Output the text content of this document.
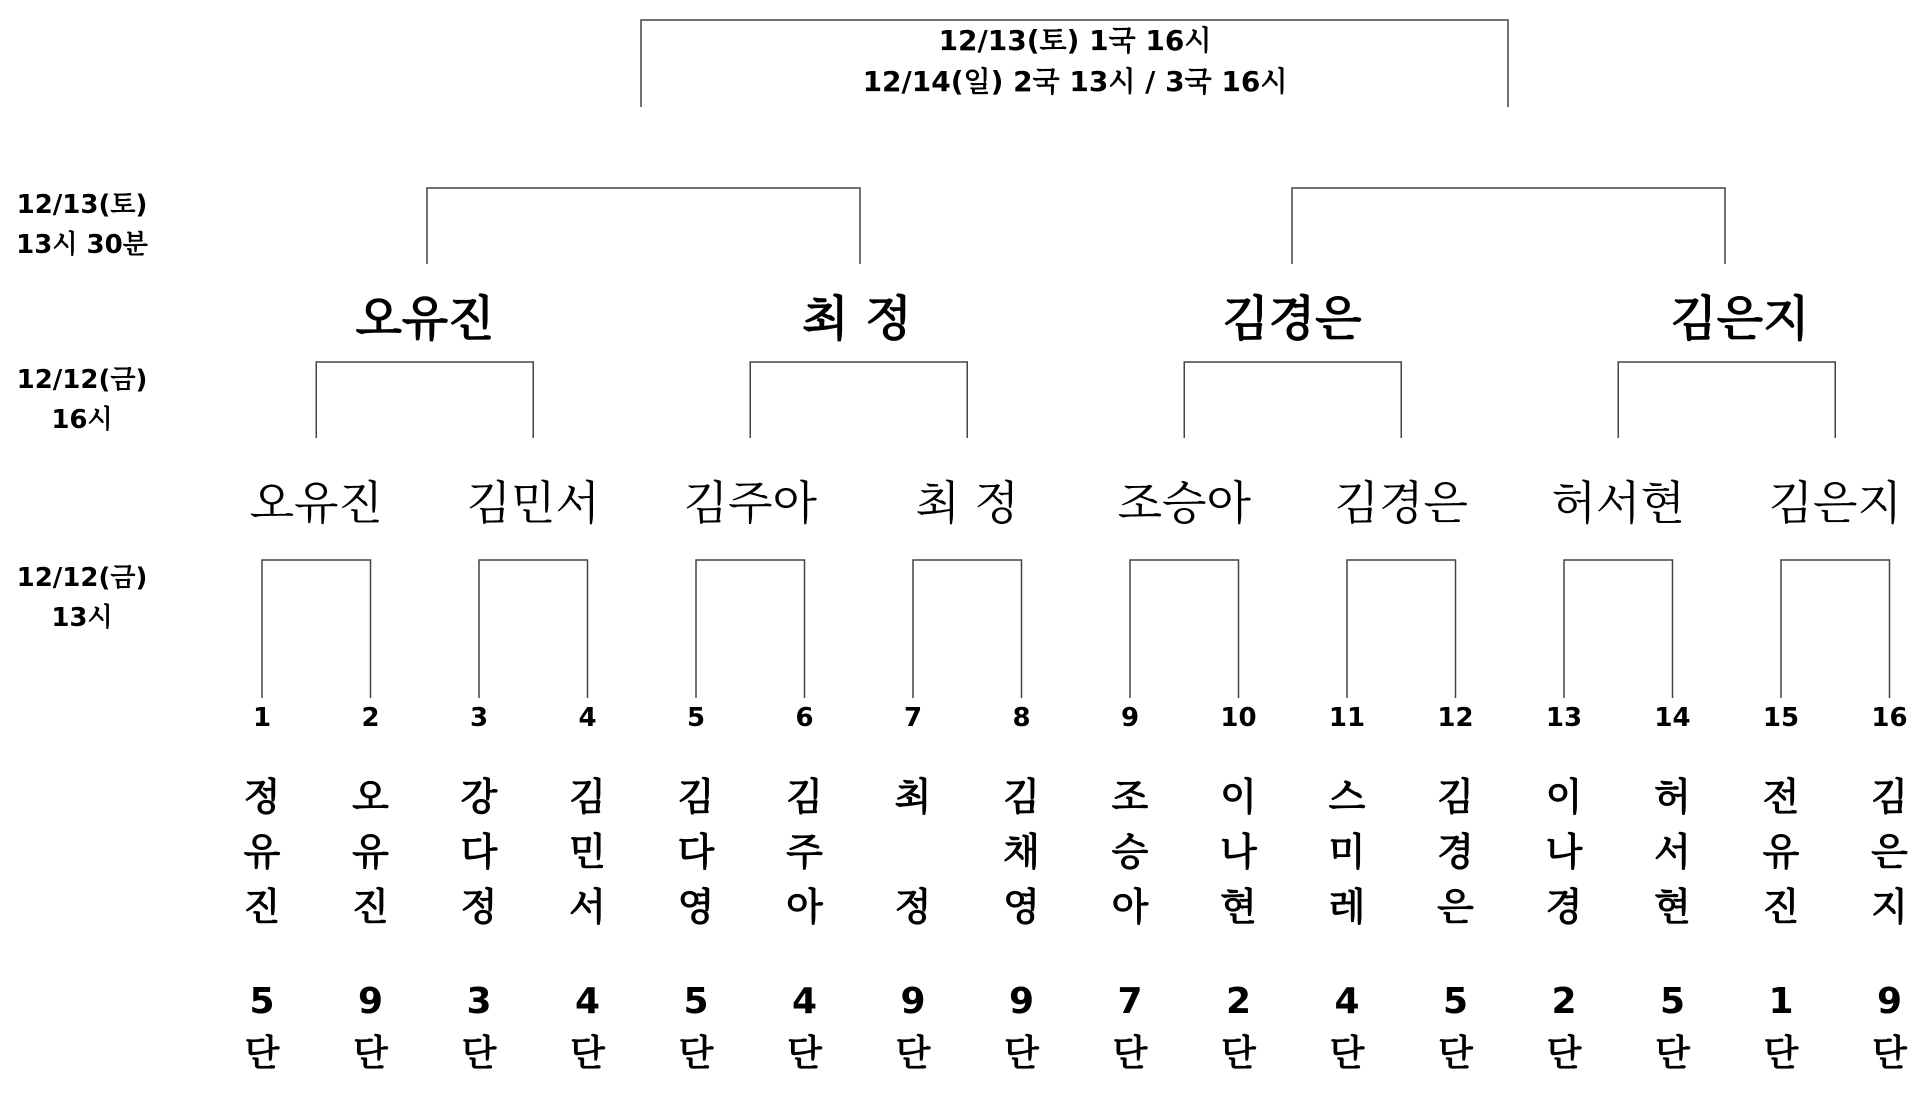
12/13(토) 1국 16시
12/14(일) 2국 13시 / 3국 16시
12/13(토)
13시 30분
12/12(금)
16시
12/12(금)
13시
오유진	최 정	김경은	김은지
오유진	김민서	김주아	최 정	조승아	김경은	허서현	김은지
1
정
유
진
5
단
2
오
유
진
9
단
3
강
다
정
3
단
4
김
민
서
4
단
5
김
다
영
5
단
6
김
주
아
4
단
7
최

정
9
단
8
김
채
영
9
단
9
조
승
아
7
단
10
이
나
현
2
단
11
스
미
레
4
단
12
김
경
은
5
단
13
이
나
경
2
단
14
허
서
현
5
단
15
전
유
진
1
단
16
김
은
지
9
단
